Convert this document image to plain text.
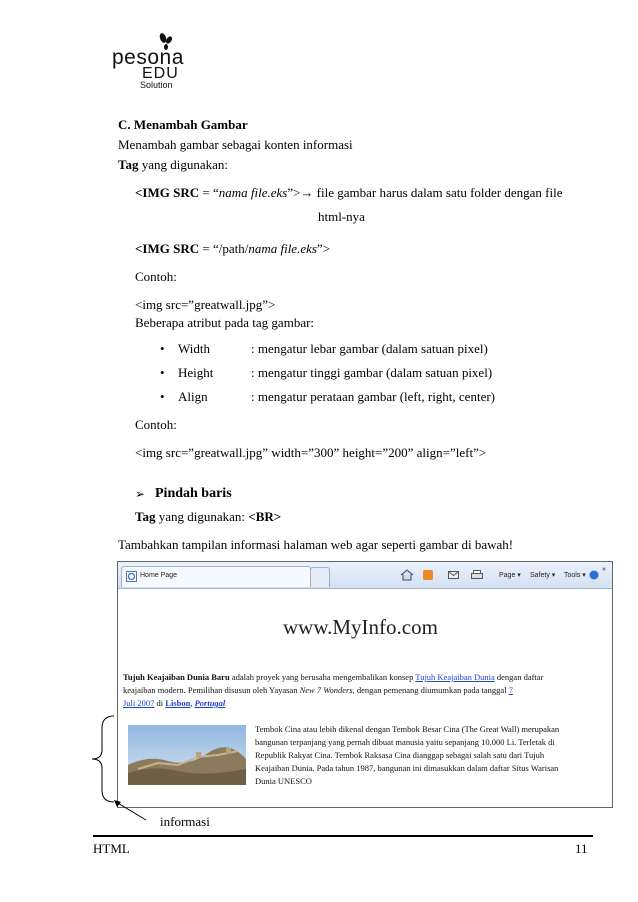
pesona
EDU
Solution
C. Menambah Gambar
Menambah gambar sebagai konten informasi
Tag yang digunakan:
<IMG SRC = “nama file.eks”>→ file gambar harus dalam satu folder dengan file
html-nya
<IMG SRC = “/path/nama file.eks”>
Contoh:
<img src=”greatwall.jpg”>
Beberapa atribut pada tag gambar:
• Width	: mengatur lebar gambar (dalam satuan pixel)
• Height	: mengatur tinggi gambar (dalam satuan pixel)
• Align	: mengatur perataan gambar (left, right, center)
Contoh:
<img src=”greatwall.jpg” width=”300” height=”200” align=”left”>
➢ Pindah baris
Tag yang digunakan: <BR>
Tambahkan tampilan informasi halaman web agar seperti gambar di bawah!
Home Page	Page ▾ Safety ▾ Tools ▾
»
www.MyInfo.com
Tujuh Keajaiban Dunia Baru adalah proyek yang berusaha mengembalikan konsep Tujuh Keajaiban Dunia dengan daftar
keajaiban modern. Pemilihan disusun oleh Yayasan New 7 Wonders, dengan pemenang diumumkan pada tanggal 7
Juli 2007 di Lisbon, Portugal
Tembok Cina atau lebih dikenal dengan Tembok Besar Cina (The Great Wall) merupakan
bangunan terpanjang yang pernah dibuat manusia yaitu sepanjang 10.000 Li. Terletak di
Republik Rakyat Cina. Tembok Raksasa Cina dianggap sebagai salah satu dari Tujuh
Keajaiban Dunia. Pada tahun 1987, bangunan ini dimasukkan dalam daftar Situs Warisan
Dunia UNESCO
informasi
HTML	11
